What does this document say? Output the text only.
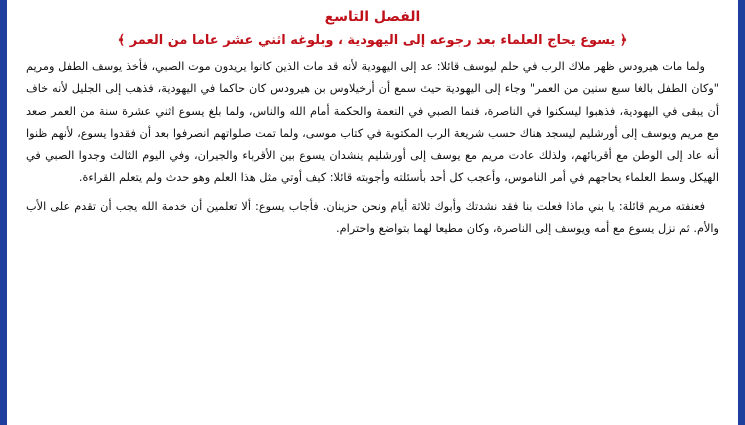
الفصل التاسع
﴿ يسوع يحاج العلماء بعد رجوعه إلى اليهودية ، وبلوغه اثني عشر عاما من العمر ﴾

ولما مات هيرودس ظهر ملاك الرب في حلم ليوسف قائلا: عد إلى اليهودية لأنه قد مات الذين كانوا يريدون موت الصبي، فأخذ يوسف الطفل ومريم "وكان الطفل بالغا سبع سنين من العمر" وجاء إلى اليهودية حيث سمع أن أرخيلاوس بن هيرودس كان حاكما في اليهودية، فذهب إلى الجليل لأنه خاف أن يبقى في اليهودية، فذهبوا ليسكنوا في الناصرة، فنما الصبي في النعمة والحكمة أمام الله والناس، ولما بلغ يسوع اثني عشرة سنة من العمر صعد مع مريم ويوسف إلى أورشليم ليسجد هناك حسب شريعة الرب المكتوبة في كتاب موسى، ولما تمت صلواتهم انصرفوا بعد أن فقدوا يسوع، لأنهم ظنوا أنه عاد إلى الوطن مع أقربائهم، ولذلك عادت مريم مع يوسف إلى أورشليم ينشدان يسوع بين الأقرباء والجيران، وفي اليوم الثالث وجدوا الصبي في الهيكل وسط العلماء يحاجهم في أمر الناموس، وأعجب كل أحد بأسئلته وأجوبته قائلا: كيف أوتي مثل هذا العلم وهو حدث ولم يتعلم القراءة.

فعنفته مريم قائلة: يا بني ماذا فعلت بنا فقد نشدتك وأبوك ثلاثة أيام ونحن حزينان. فأجاب يسوع: ألا تعلمين أن خدمة الله يجب أن تقدم على الأب والأم. ثم نزل يسوع مع أمه ويوسف إلى الناصرة، وكان مطيعا لهما بتواضع واحترام.
